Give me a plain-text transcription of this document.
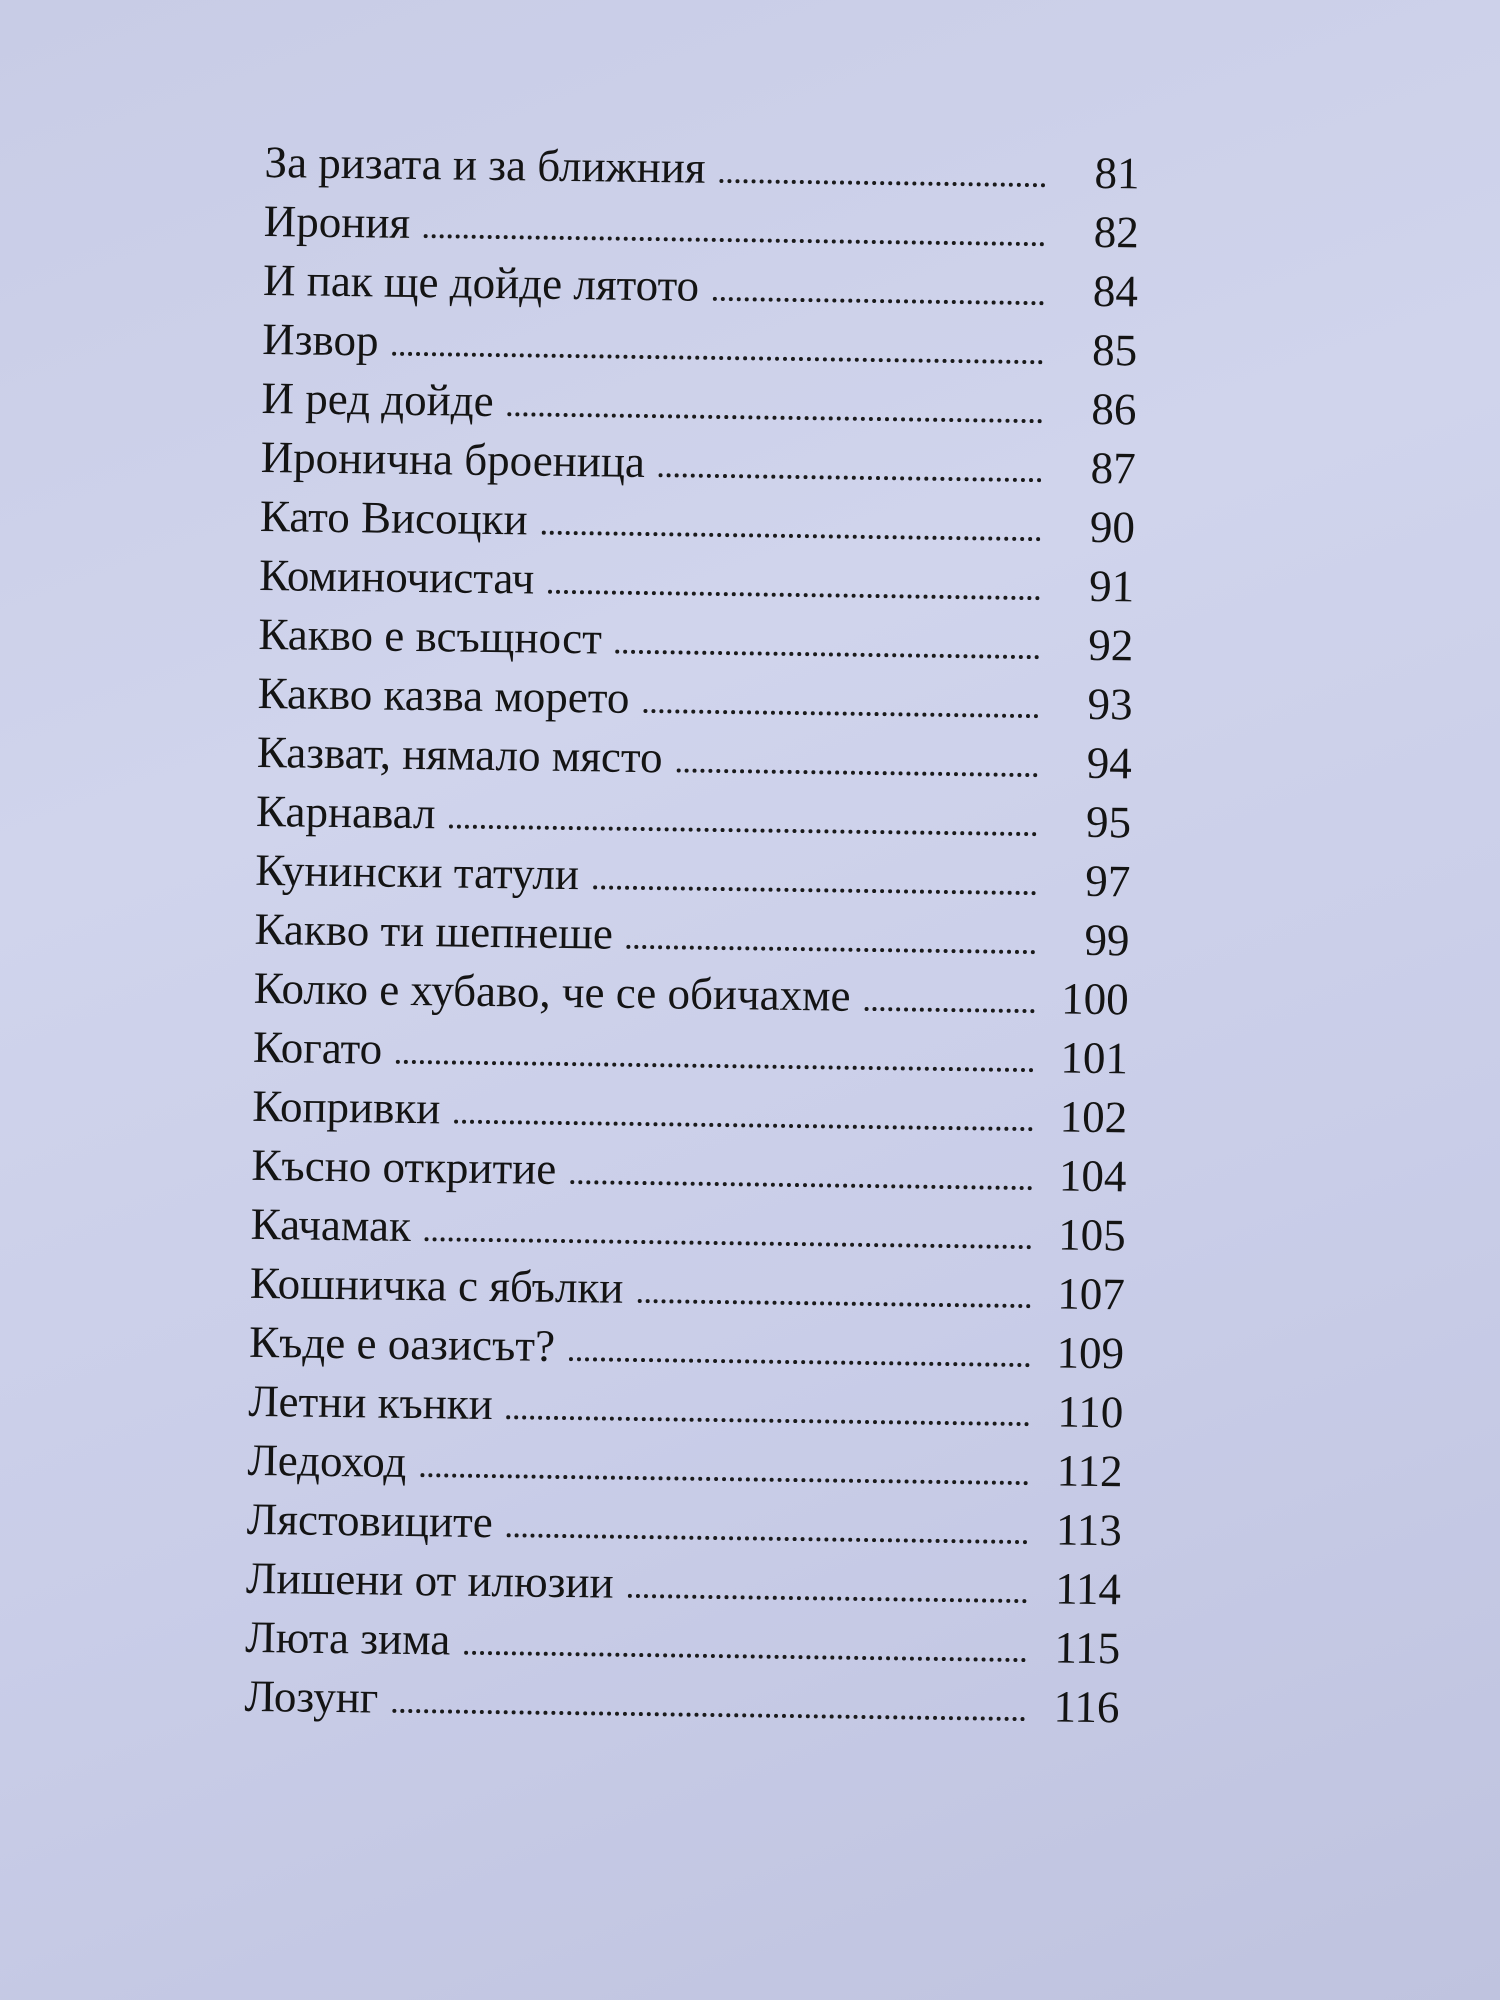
За ризата и за ближния	81
Ирония	82
И пак ще дойде лятото	84
Извор	85
И ред дойде	86
Иронична броеница	87
Като Висоцки	90
Коминочистач	91
Какво е всъщност	92
Какво казва морето	93
Казват, нямало място	94
Карнавал	95
Кунински татули	97
Какво ти шепнеше	99
Колко е хубаво, че се обичахме	100
Когато	101
Копривки	102
Късно откритие	104
Качамак	105
Кошничка с ябълки	107
Къде е оазисът?	109
Летни кънки	110
Ледоход	112
Лястовиците	113
Лишени от илюзии	114
Люта зима	115
Лозунг	116
